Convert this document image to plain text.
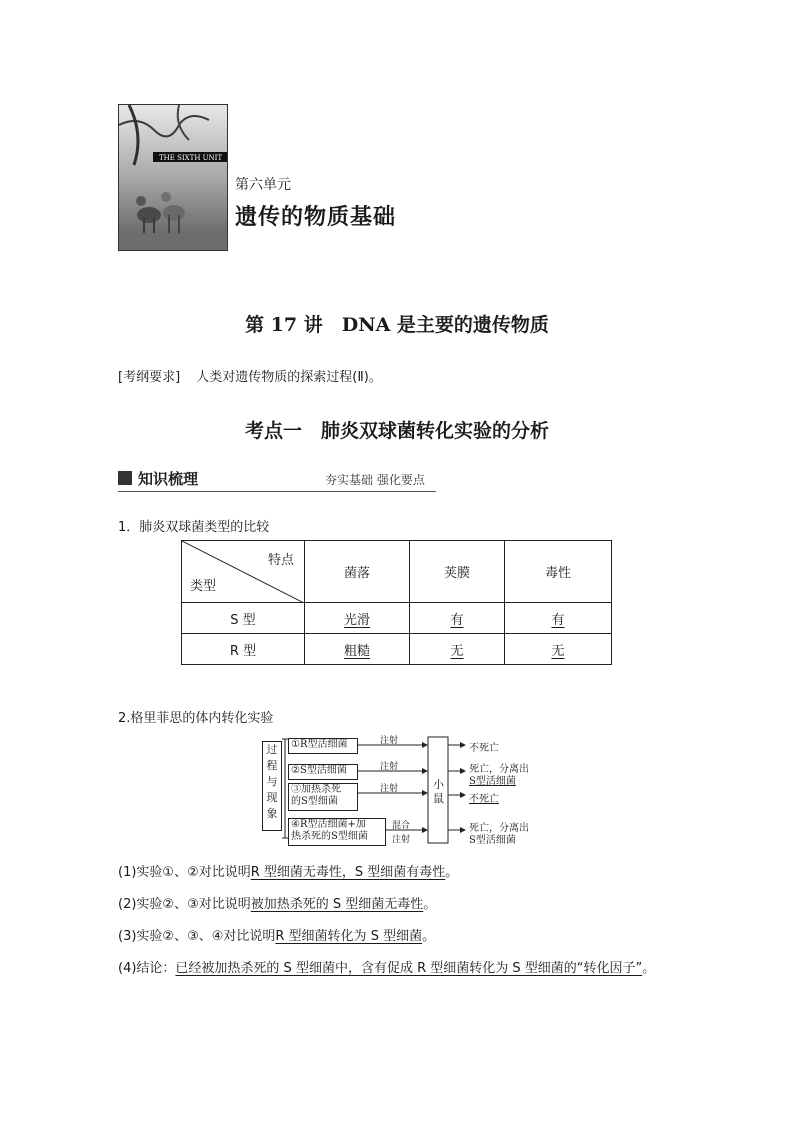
THE SIXTH UNIT
第六单元
遗传的物质基础
第 17 讲　DNA 是主要的遗传物质
[考纲要求] 人类对遗传物质的探索过程(Ⅱ)。
考点一　肺炎双球菌转化实验的分析
知识梳理	夯实基础 强化要点
1．肺炎双球菌类型的比较
特点
类型	菌落	荚膜	毒性
S 型	光滑	有	有
R 型	粗糙	无	无
2.格里菲思的体内转化实验
过
程
与
现
象
①R型活细菌
②S型活细菌
③加热杀死
的S型细菌
④R型活细菌+加
热杀死的S型细菌
注射
注射
注射
混合
注射
小
鼠
不死亡
死亡，分离出
S型活细菌
不死亡
死亡，分离出
S型活细菌
(1)实验①、②对比说明R 型细菌无毒性，S 型细菌有毒性。
(2)实验②、③对比说明被加热杀死的 S 型细菌无毒性。
(3)实验②、③、④对比说明R 型细菌转化为 S 型细菌。
(4)结论：已经被加热杀死的 S 型细菌中，含有促成 R 型细菌转化为 S 型细菌的“转化因子”。
